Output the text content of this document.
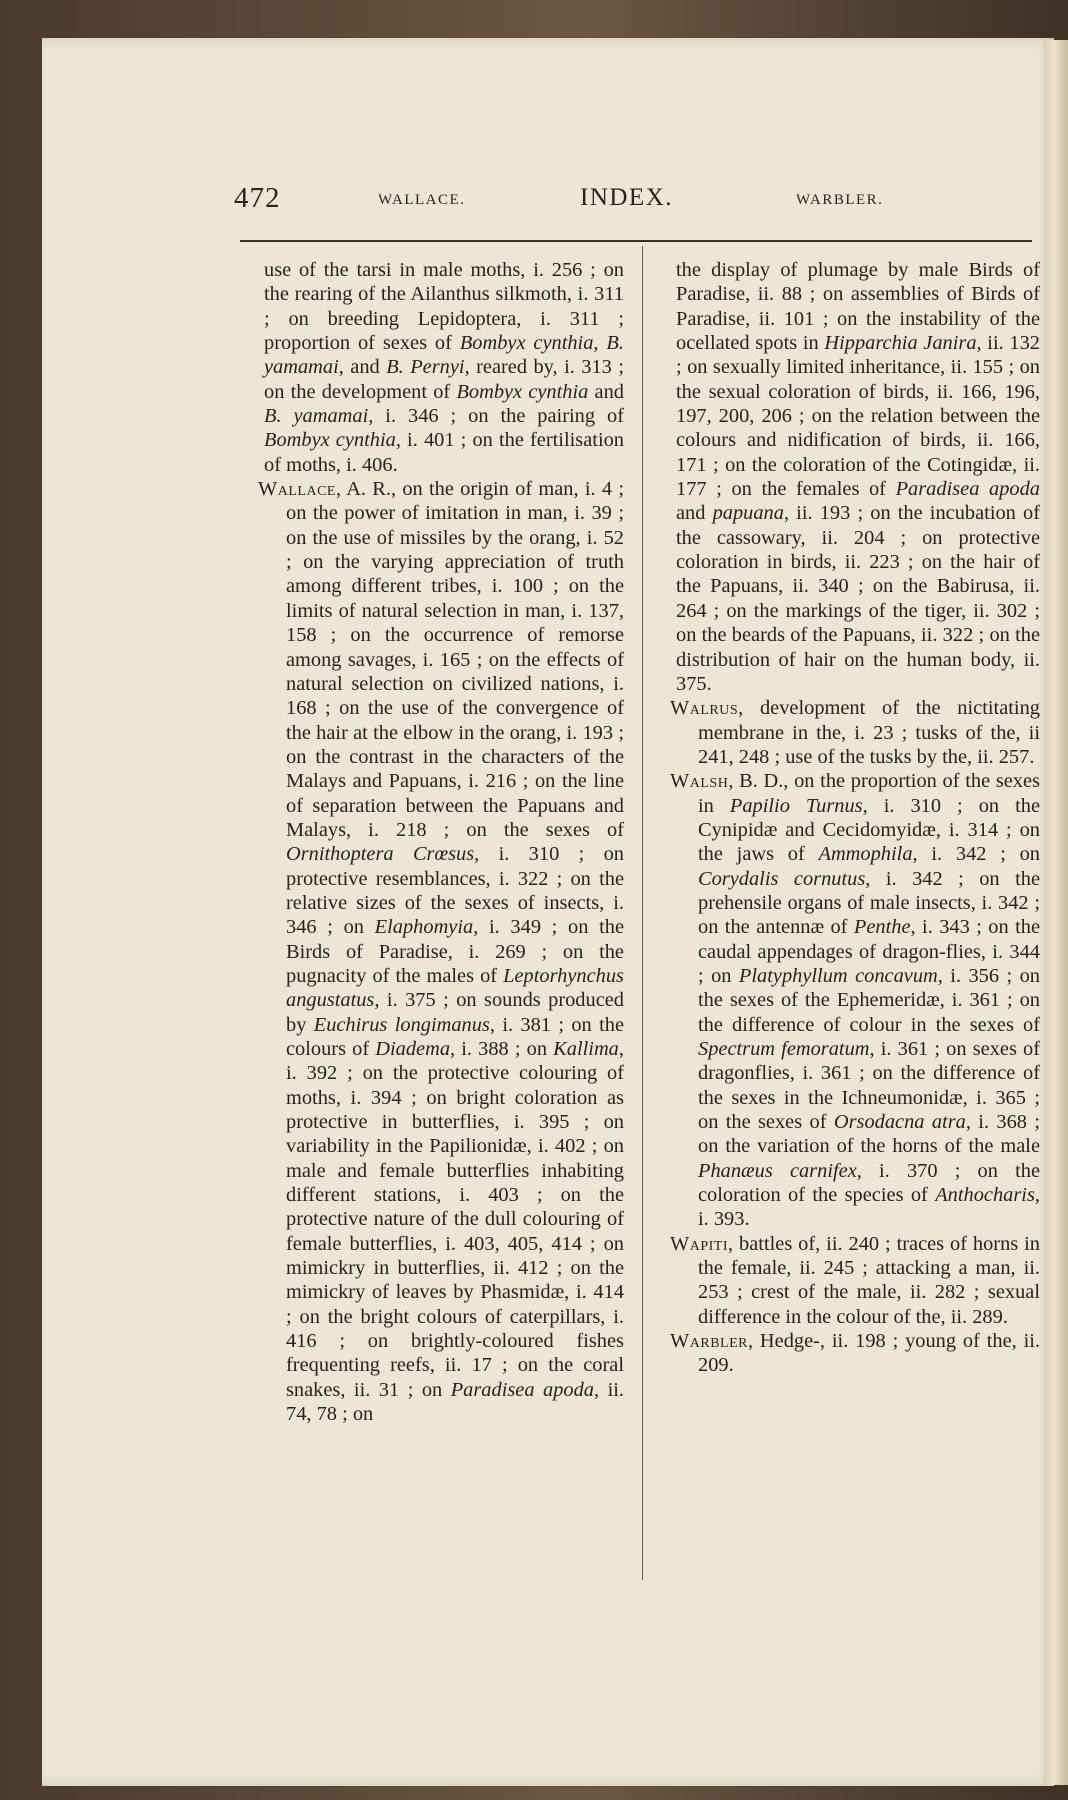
472	WALLACE.	INDEX.	WARBLER.

use of the tarsi in male moths, i. 256 ; on the rearing of the Ailanthus silkmoth, i. 311 ; on breeding Lepidoptera, i. 311 ; proportion of sexes of Bombyx cynthia, B. yamamai, and B. Pernyi, reared by, i. 313 ; on the development of Bombyx cynthia and B. yamamai, i. 346 ; on the pairing of Bombyx cynthia, i. 401 ; on the fertilisation of moths, i. 406.

Wallace, A. R., on the origin of man, i. 4 ; on the power of imitation in man, i. 39 ; on the use of missiles by the orang, i. 52 ; on the varying appreciation of truth among different tribes, i. 100 ; on the limits of natural selection in man, i. 137, 158 ; on the occurrence of remorse among savages, i. 165 ; on the effects of natural selection on civilized nations, i. 168 ; on the use of the convergence of the hair at the elbow in the orang, i. 193 ; on the contrast in the characters of the Malays and Papuans, i. 216 ; on the line of separation between the Papuans and Malays, i. 218 ; on the sexes of Ornithoptera Crœsus, i. 310 ; on protective resemblances, i. 322 ; on the relative sizes of the sexes of insects, i. 346 ; on Elaphomyia, i. 349 ; on the Birds of Paradise, i. 269 ; on the pugnacity of the males of Leptorhynchus angustatus, i. 375 ; on sounds produced by Euchirus longimanus, i. 381 ; on the colours of Diadema, i. 388 ; on Kallima, i. 392 ; on the protective colouring of moths, i. 394 ; on bright coloration as protective in butterflies, i. 395 ; on variability in the Papilionidæ, i. 402 ; on male and female butterflies inhabiting different stations, i. 403 ; on the protective nature of the dull colouring of female butterflies, i. 403, 405, 414 ; on mimickry in butterflies, ii. 412 ; on the mimickry of leaves by Phasmidæ, i. 414 ; on the bright colours of caterpillars, i. 416 ; on brightly-coloured fishes frequenting reefs, ii. 17 ; on the coral snakes, ii. 31 ; on Paradisea apoda, ii. 74, 78 ; on

the display of plumage by male Birds of Paradise, ii. 88 ; on assemblies of Birds of Paradise, ii. 101 ; on the instability of the ocellated spots in Hipparchia Janira, ii. 132 ; on sexually limited inheritance, ii. 155 ; on the sexual coloration of birds, ii. 166, 196, 197, 200, 206 ; on the relation between the colours and nidification of birds, ii. 166, 171 ; on the coloration of the Cotingidæ, ii. 177 ; on the females of Paradisea apoda and papuana, ii. 193 ; on the incubation of the cassowary, ii. 204 ; on protective coloration in birds, ii. 223 ; on the hair of the Papuans, ii. 340 ; on the Babirusa, ii. 264 ; on the markings of the tiger, ii. 302 ; on the beards of the Papuans, ii. 322 ; on the distribution of hair on the human body, ii. 375.

Walrus, development of the nictitating membrane in the, i. 23 ; tusks of the, ii 241, 248 ; use of the tusks by the, ii. 257.

Walsh, B. D., on the proportion of the sexes in Papilio Turnus, i. 310 ; on the Cynipidæ and Cecidomyidæ, i. 314 ; on the jaws of Ammophila, i. 342 ; on Corydalis cornutus, i. 342 ; on the prehensile organs of male insects, i. 342 ; on the antennæ of Penthe, i. 343 ; on the caudal appendages of dragon-flies, i. 344 ; on Platyphyllum concavum, i. 356 ; on the sexes of the Ephemeridæ, i. 361 ; on the difference of colour in the sexes of Spectrum femoratum, i. 361 ; on sexes of dragonflies, i. 361 ; on the difference of the sexes in the Ichneumonidæ, i. 365 ; on the sexes of Orsodacna atra, i. 368 ; on the variation of the horns of the male Phanæus carnifex, i. 370 ; on the coloration of the species of Anthocharis, i. 393.

Wapiti, battles of, ii. 240 ; traces of horns in the female, ii. 245 ; attacking a man, ii. 253 ; crest of the male, ii. 282 ; sexual difference in the colour of the, ii. 289.

Warbler, Hedge-, ii. 198 ; young of the, ii. 209.
